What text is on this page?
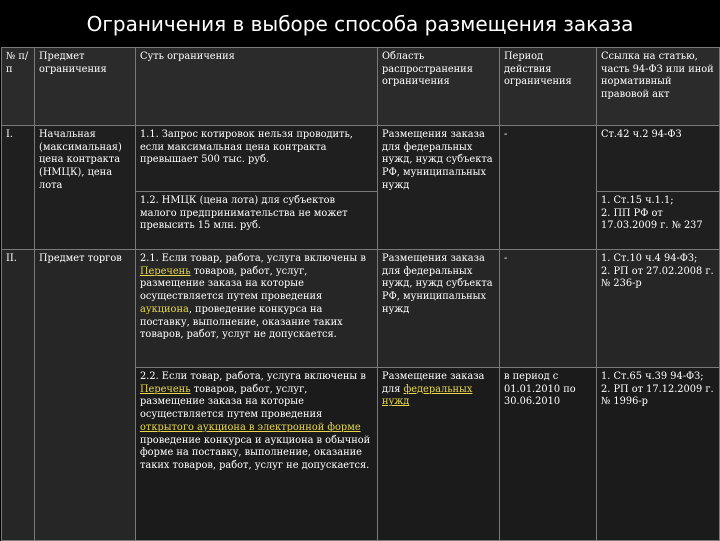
Ограничения в выборе способа размещения заказа
№ п/п	Предмет ограничения	Суть ограничения	Область распространения ограничения	Период действия ограничения	Ссылка на статью, часть 94-ФЗ или иной нормативный правовой акт
I.	Начальная (максимальная) цена контракта (НМЦК), цена лота	1.1. Запрос котировок нельзя проводить, если максимальная цена контракта превышает 500 тыс. руб.	Размещения заказа для федеральных нужд, нужд субъекта РФ, муниципальных нужд	-	Ст.42 ч.2 94-ФЗ
		1.2. НМЦК (цена лота) для субъектов малого предпринимательства не может превысить 15 млн. руб.			1. Ст.15 ч.1.1;
2. ПП РФ от 17.03.2009 г. № 237

II.	Предмет торгов	2.1. Если товар, работа, услуга включены в Перечень товаров, работ, услуг, размещение заказа на которые осуществляется путем проведения аукциона, проведение конкурса на поставку, выполнение, оказание таких товаров, работ, услуг не допускается.	Размещения заказа для федеральных нужд, нужд субъекта РФ, муниципальных нужд	-	1. Ст.10 ч.4 94-ФЗ;
2. РП от 27.02.2008 г. № 236-р

		2.2. Если товар, работа, услуга включены в Перечень товаров, работ, услуг, размещение заказа на которые осуществляется путем проведения открытого аукциона в электронной форме проведение конкурса и аукциона в обычной форме на поставку, выполнение, оказание таких товаров, работ, услуг не допускается.	Размещение заказа для федеральных нужд	в период с 01.01.2010 по 30.06.2010	1. Ст.65 ч.39 94-ФЗ;
2. РП от 17.12.2009 г. № 1996-р
